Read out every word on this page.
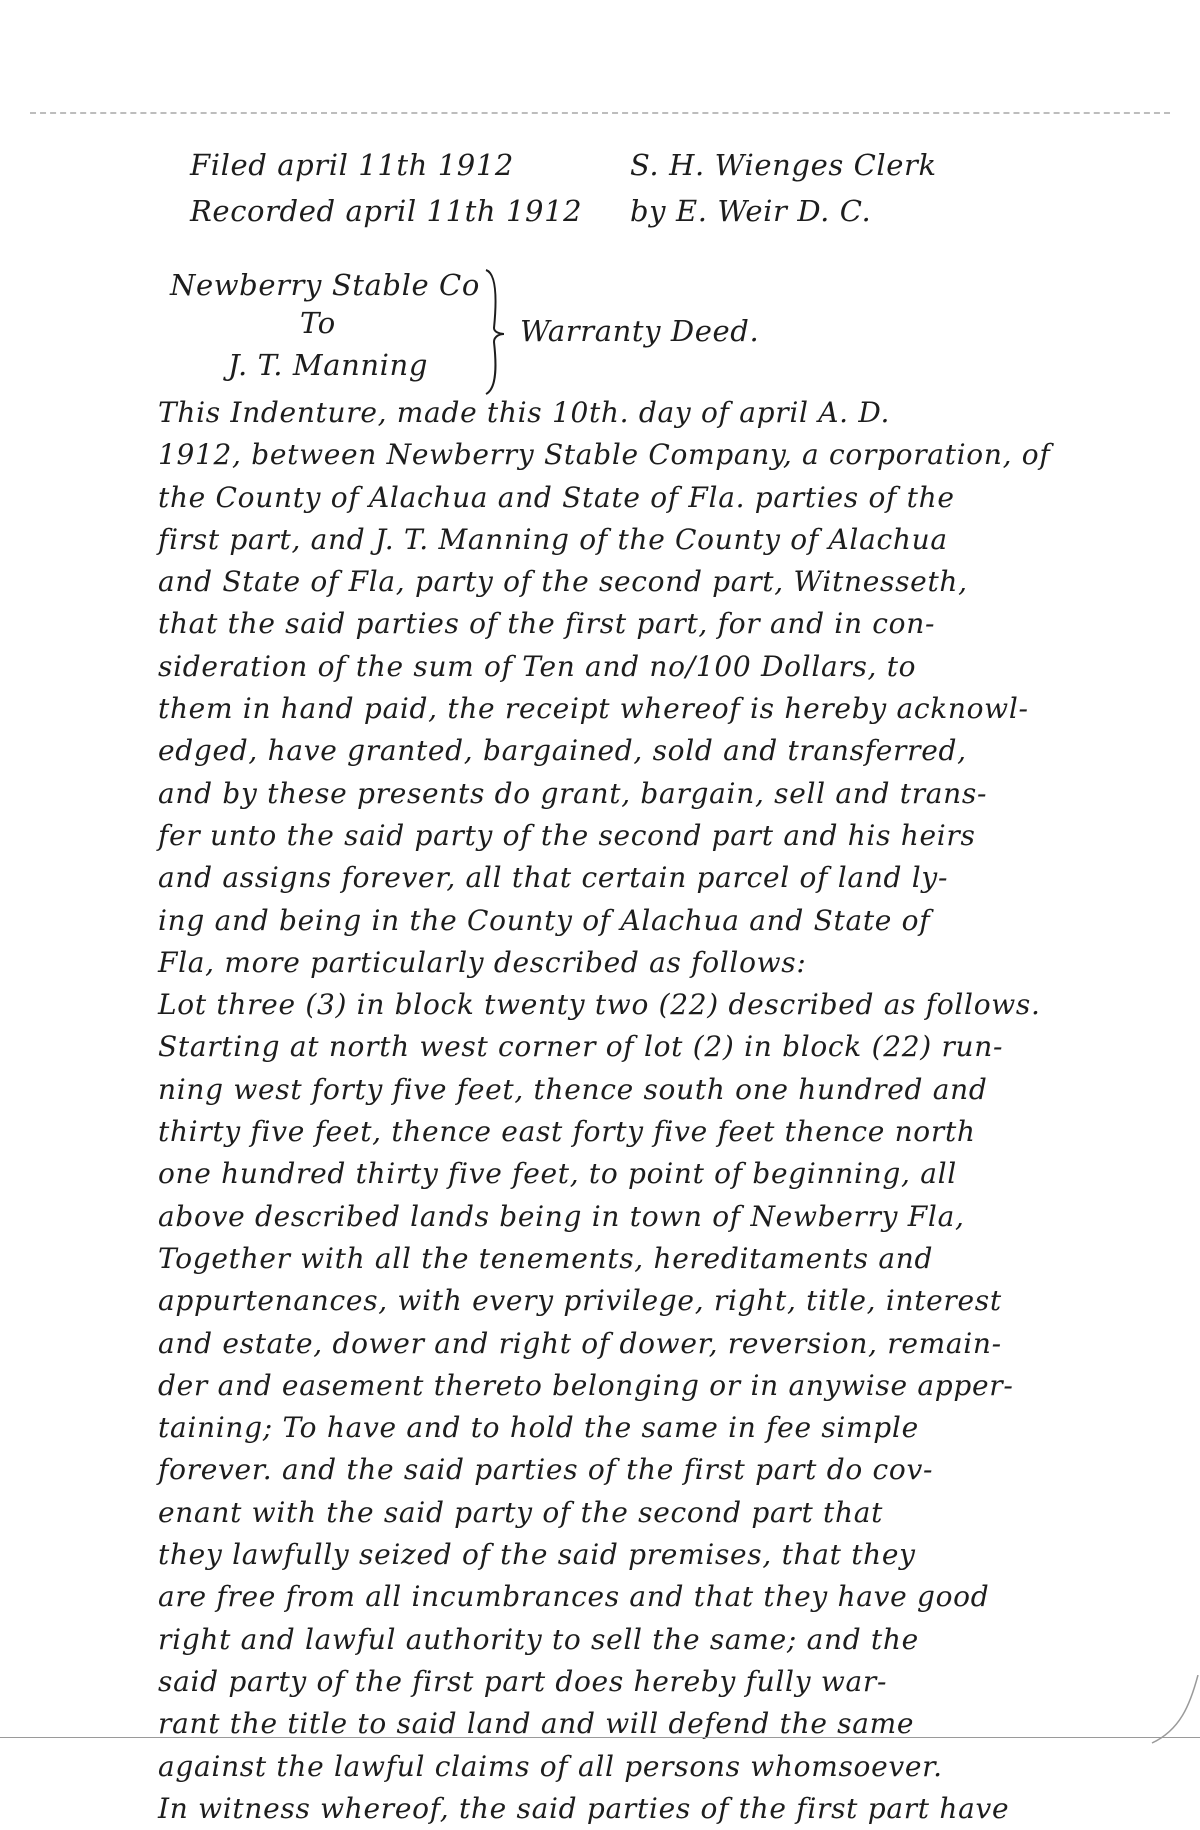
Filed april 11th 1912	S. H. Wienges Clerk
Recorded april 11th 1912 by E. Weir D. C.
Newberry Stable Co
To	Warranty Deed.
J. T. Manning
This Indenture, made this 10th. day of april A. D.
1912, between Newberry Stable Company, a corporation, of
the County of Alachua and State of Fla. parties of the
first part, and J. T. Manning of the County of Alachua
and State of Fla, party of the second part, Witnesseth,
that the said parties of the first part, for and in con-
sideration of the sum of Ten and no/100 Dollars, to
them in hand paid, the receipt whereof is hereby acknowl-
edged, have granted, bargained, sold and transferred,
and by these presents do grant, bargain, sell and trans-
fer unto the said party of the second part and his heirs
and assigns forever, all that certain parcel of land ly-
ing and being in the County of Alachua and State of
Fla, more particularly described as follows:
Lot three (3) in block twenty two (22) described as follows.
Starting at north west corner of lot (2) in block (22) run-
ning west forty five feet, thence south one hundred and
thirty five feet, thence east forty five feet thence north
one hundred thirty five feet, to point of beginning, all
above described lands being in town of Newberry Fla,
Together with all the tenements, hereditaments and
appurtenances, with every privilege, right, title, interest
and estate, dower and right of dower, reversion, remain-
der and easement thereto belonging or in anywise apper-
taining; To have and to hold the same in fee simple
forever. and the said parties of the first part do cov-
enant with the said party of the second part that
they lawfully seized of the said premises, that they
are free from all incumbrances and that they have good
right and lawful authority to sell the same; and the
said party of the first part does hereby fully war-
rant the title to said land and will defend the same
against the lawful claims of all persons whomsoever.
In witness whereof, the said parties of the first part have
